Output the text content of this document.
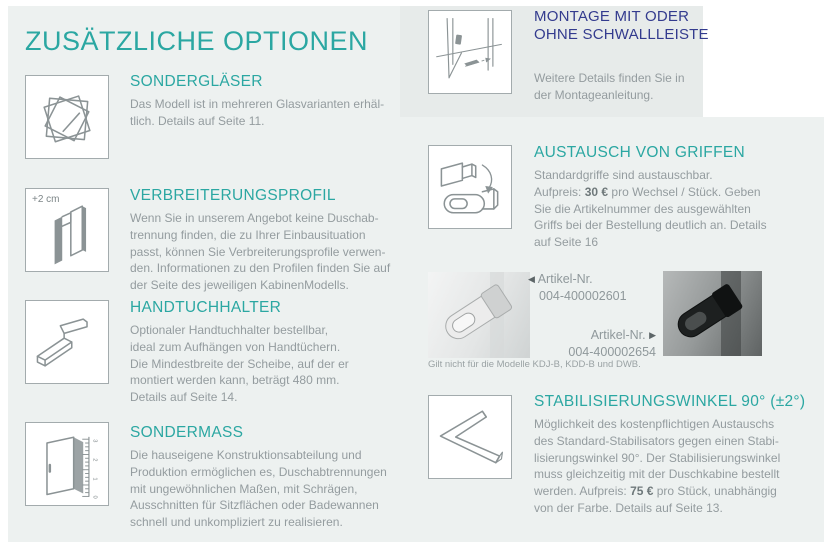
ZUSÄTZLICHE OPTIONEN
SONDERGLÄSER
Das Modell ist in mehreren Glasvarianten erhäl-
tlich. Details auf Seite 11.
+2 cm	VERBREITERUNGSPROFIL
Wenn Sie in unserem Angebot keine Duschab-
trennung finden, die zu Ihrer Einbausituation
passt, können Sie Verbreiterungsprofile verwen-
den. Informationen zu den Profilen finden Sie auf
der Seite des jeweiligen KabinenModells.
HANDTUCHHALTER
Optionaler Handtuchhalter bestellbar,
ideal zum Aufhängen von Handtüchern.
Die Mindestbreite der Scheibe, auf der er
montiert werden kann, beträgt 480 mm.
Details auf Seite 14.
3
2
1
0
SONDERMASS
Die hauseigene Konstruktionsabteilung und
Produktion ermöglichen es, Duschabtrennungen
mit ungewöhnlichen Maßen, mit Schrägen,
Ausschnitten für Sitzflächen oder Badewannen
schnell und unkompliziert zu realisieren.
MONTAGE MIT ODER
OHNE SCHWALLLEISTE
Weitere Details finden Sie in
der Montageanleitung.
AUSTAUSCH VON GRIFFEN
Standardgriffe sind austauschbar.
Aufpreis: 30 € pro Wechsel / Stück. Geben
Sie die Artikelnummer des ausgewählten
Griffs bei der Bestellung deutlich an. Details
auf Seite 16
◀ Artikel-Nr.
004-400002601
Artikel-Nr. ▶
004-400002654
Gilt nicht für die Modelle KDJ-B, KDD-B und DWB.
STABILISIERUNGSWINKEL 90° (±2°)
Möglichkeit des kostenpflichtigen Austauschs
des Standard-Stabilisators gegen einen Stabi-
lisierungswinkel 90°. Der Stabilisierungswinkel
muss gleichzeitig mit der Duschkabine bestellt
werden. Aufpreis: 75 € pro Stück, unabhängig
von der Farbe. Details auf Seite 13.
